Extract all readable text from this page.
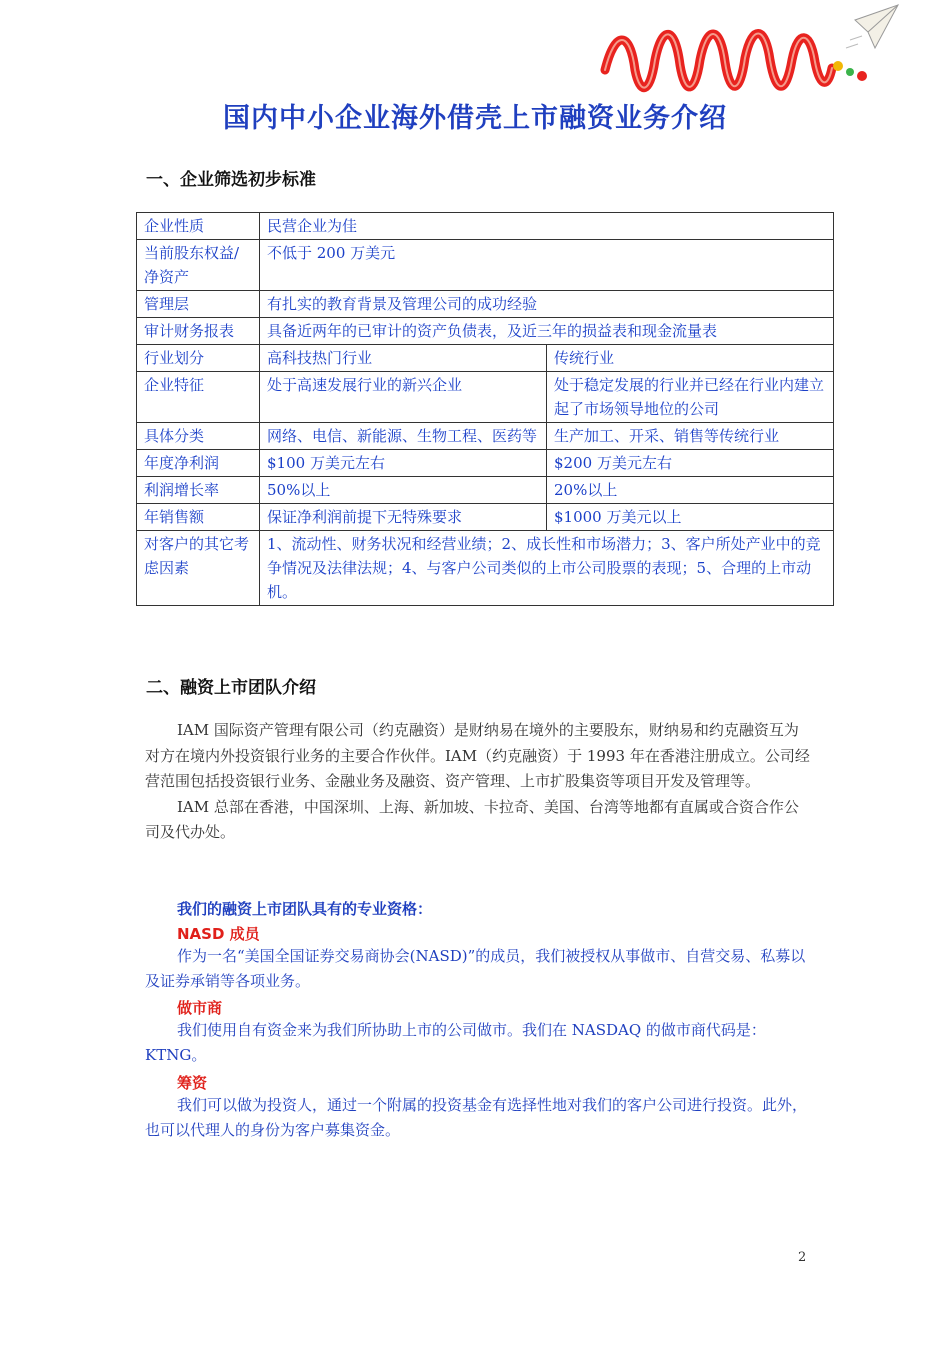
国内中小企业海外借壳上市融资业务介绍
一、企业筛选初步标准
企业性质	民营企业为佳	
当前股东权益/净资产	不低于 200 万美元	
管理层	有扎实的教育背景及管理公司的成功经验	
审计财务报表	具备近两年的已审计的资产负债表，及近三年的损益表和现金流量表	
行业划分	高科技热门行业	传统行业
企业特征	处于高速发展行业的新兴企业	处于稳定发展的行业并已经在行业内建立起了市场领导地位的公司
具体分类	网络、电信、新能源、生物工程、医药等	生产加工、开采、销售等传统行业
年度净利润	$100 万美元左右	$200 万美元左右
利润增长率	50%以上	20%以上
年销售额	保证净利润前提下无特殊要求	$1000 万美元以上
对客户的其它考虑因素	1、流动性、财务状况和经营业绩；2、成长性和市场潜力；3、客户所处产业中的竞争情况及法律法规；4、与客户公司类似的上市公司股票的表现；5、合理的上市动机。	
二、融资上市团队介绍

IAM 国际资产管理有限公司（约克融资）是财纳易在境外的主要股东，财纳易和约克融资互为对方在境内外投资银行业务的主要合作伙伴。IAM（约克融资）于 1993 年在香港注册成立。公司经营范围包括投资银行业务、金融业务及融资、资产管理、上市扩股集资等项目开发及管理等。

IAM 总部在香港，中国深圳、上海、新加坡、卡拉奇、美国、台湾等地都有直属或合资合作公司及代办处。

我们的融资上市团队具有的专业资格：
NASD 成员

作为一名“美国全国证券交易商协会(NASD)”的成员，我们被授权从事做市、自营交易、私募以及证券承销等各项业务。

做市商

我们使用自有资金来为我们所协助上市的公司做市。我们在 NASDAQ 的做市商代码是：KTNG。

筹资

我们可以做为投资人，通过一个附属的投资基金有选择性地对我们的客户公司进行投资。此外，也可以代理人的身份为客户募集资金。

2
